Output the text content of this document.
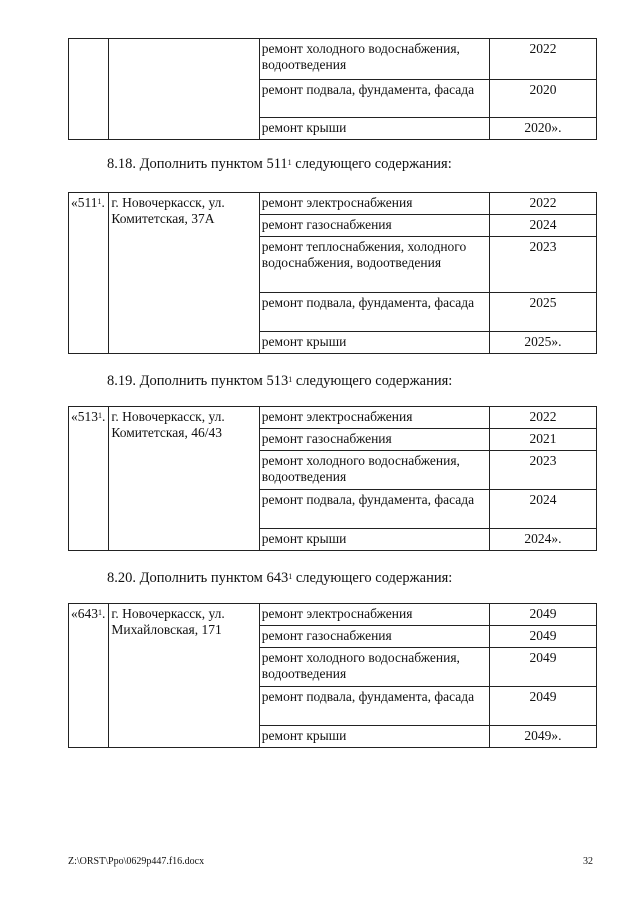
		ремонт холодного водоснабжения, водоотведения	2022
		ремонт подвала, фундамента, фасада	2020
		ремонт крыши	2020».
8.18. Дополнить пунктом $511^1$ следующего содержания:
«$511^1$.	г. Новочеркасск, ул. Комитетская, 37А	ремонт электроснабжения	2022
		ремонт газоснабжения	2024
		ремонт теплоснабжения, холодного водоснабжения, водоотведения	2023
		ремонт подвала, фундамента, фасада	2025
		ремонт крыши	2025».
8.19. Дополнить пунктом $513^1$ следующего содержания:
«$513^1$.	г. Новочеркасск, ул. Комитетская, 46/43	ремонт электроснабжения	2022
		ремонт газоснабжения	2021
		ремонт холодного водоснабжения, водоотведения	2023
		ремонт подвала, фундамента, фасада	2024
		ремонт крыши	2024».
8.20. Дополнить пунктом $643^1$ следующего содержания:
«$643^1$.	г. Новочеркасск, ул. Михайловская, 171	ремонт электроснабжения	2049
		ремонт газоснабжения	2049
		ремонт холодного водоснабжения, водоотведения	2049
		ремонт подвала, фундамента, фасада	2049
		ремонт крыши	2049».
Z:\ORST\Ppo\0629p447.f16.docx	32
